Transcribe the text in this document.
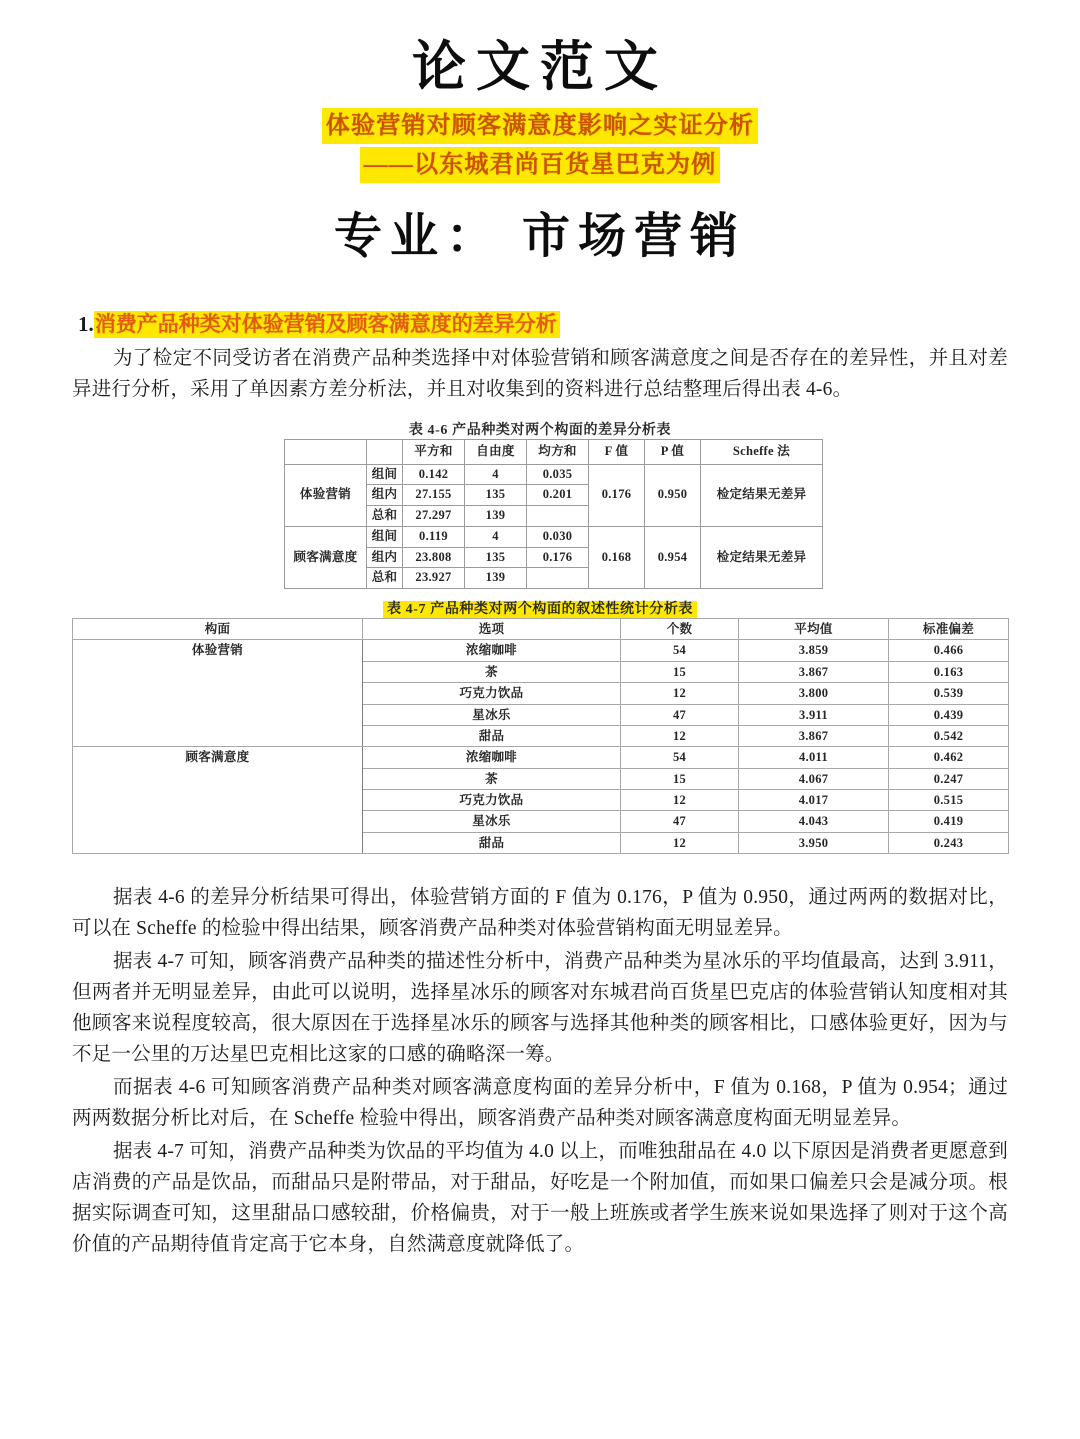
论文范文
体验营销对顾客满意度影响之实证分析
——以东城君尚百货星巴克为例
专业： 市场营销
1.消费产品种类对体验营销及顾客满意度的差异分析

为了检定不同受访者在消费产品种类选择中对体验营销和顾客满意度之间是否存在的差异性，并且对差异进行分析，采用了单因素方差分析法，并且对收集到的资料进行总结整理后得出表 4-6。

表 4-6 产品种类对两个构面的差异分析表
		平方和	自由度	均方和	F 值	P 值	Scheffe 法
体验营销	组间	0.142	4	0.035	0.176	0.950	检定结果无差异
	组内	27.155	135	0.201			
	总和	27.297	139				
顾客满意度	组间	0.119	4	0.030	0.168	0.954	检定结果无差异
	组内	23.808	135	0.176			
	总和	23.927	139				
表 4-7 产品种类对两个构面的叙述性统计分析表
构面	选项	个数	平均值	标准偏差
体验营销	浓缩咖啡	54	3.859	0.466
	茶	15	3.867	0.163
	巧克力饮品	12	3.800	0.539
	星冰乐	47	3.911	0.439
	甜品	12	3.867	0.542
顾客满意度	浓缩咖啡	54	4.011	0.462
	茶	15	4.067	0.247
	巧克力饮品	12	4.017	0.515
	星冰乐	47	4.043	0.419
	甜品	12	3.950	0.243

据表 4-6 的差异分析结果可得出，体验营销方面的 F 值为 0.176，P 值为 0.950，通过两两的数据对比，可以在 Scheffe 的检验中得出结果，顾客消费产品种类对体验营销构面无明显差异。

据表 4-7 可知，顾客消费产品种类的描述性分析中，消费产品种类为星冰乐的平均值最高，达到 3.911，但两者并无明显差异，由此可以说明，选择星冰乐的顾客对东城君尚百货星巴克店的体验营销认知度相对其他顾客来说程度较高，很大原因在于选择星冰乐的顾客与选择其他种类的顾客相比，口感体验更好，因为与不足一公里的万达星巴克相比这家的口感的确略深一筹。

而据表 4-6 可知顾客消费产品种类对顾客满意度构面的差异分析中，F 值为 0.168，P 值为 0.954；通过两两数据分析比对后，在 Scheffe 检验中得出，顾客消费产品种类对顾客满意度构面无明显差异。

据表 4-7 可知，消费产品种类为饮品的平均值为 4.0 以上，而唯独甜品在 4.0 以下原因是消费者更愿意到店消费的产品是饮品，而甜品只是附带品，对于甜品，好吃是一个附加值，而如果口偏差只会是减分项。根据实际调查可知，这里甜品口感较甜，价格偏贵，对于一般上班族或者学生族来说如果选择了则对于这个高价值的产品期待值肯定高于它本身，自然满意度就降低了。
